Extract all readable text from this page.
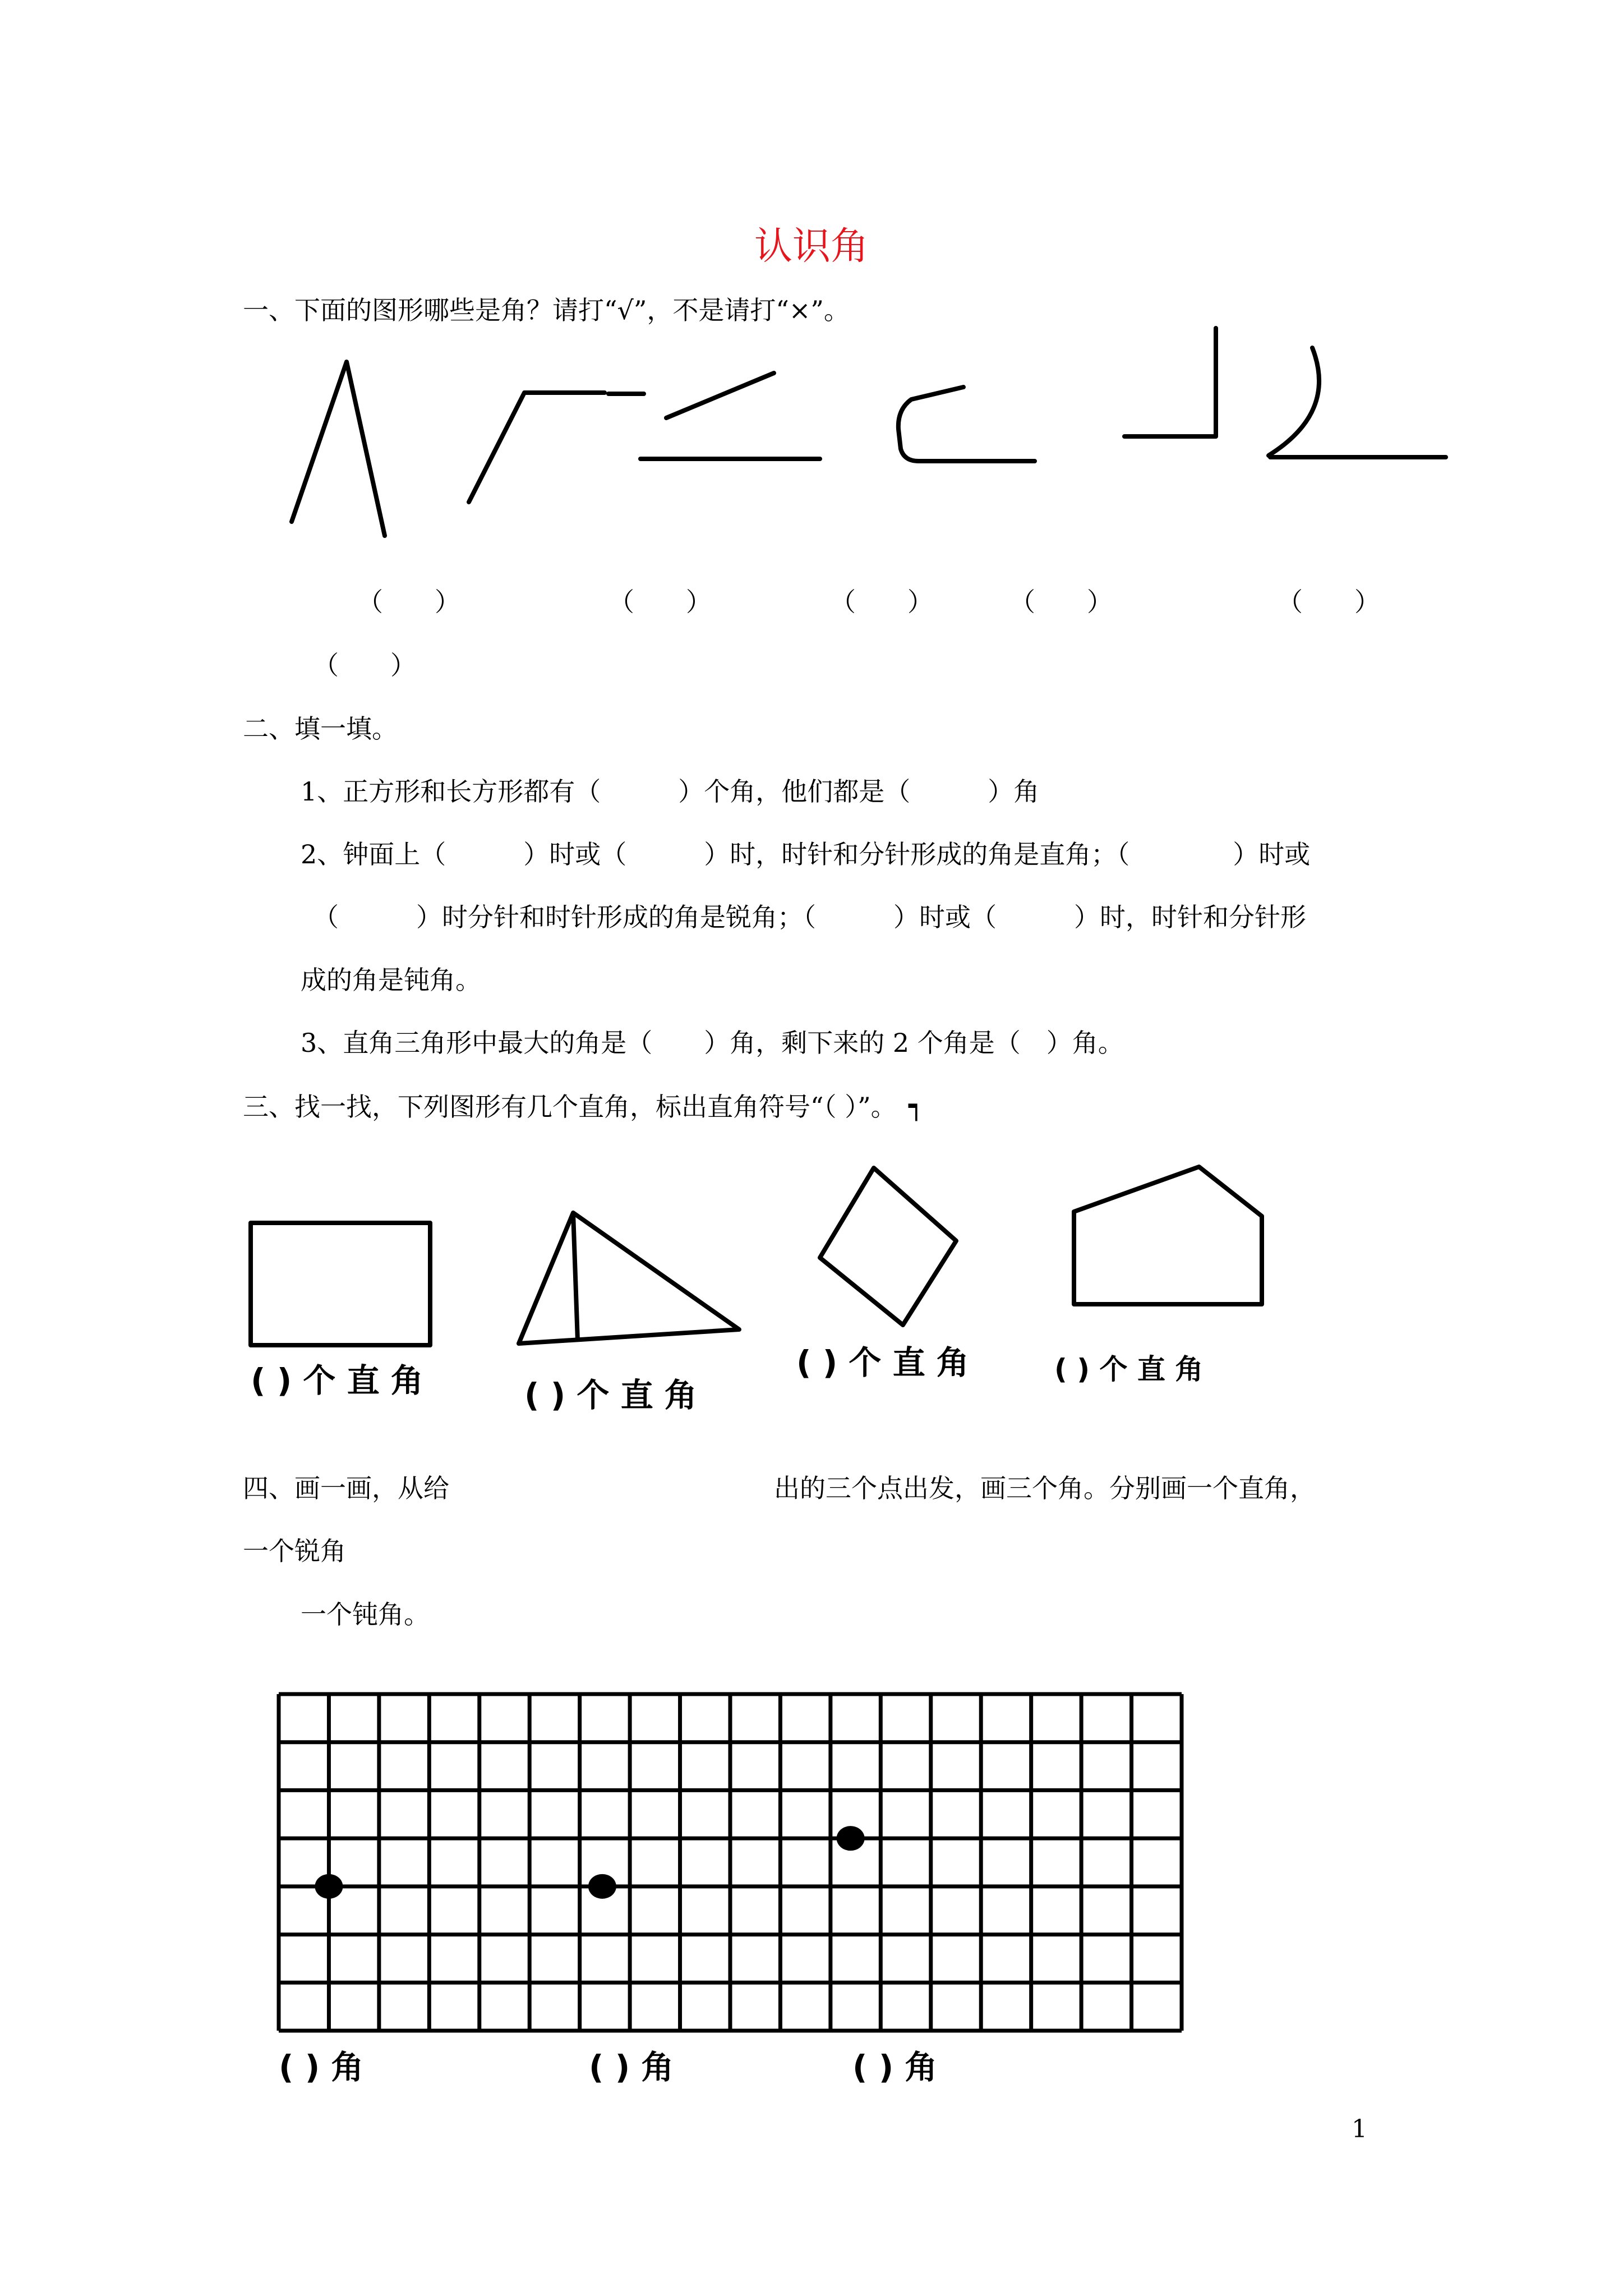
认识角
一、下面的图形哪些是角？请打“√”，不是请打“×”。
（　　）	（　　）	（　　）	（　　）	（　　）
（　　）
二、填一填。
1、正方形和长方形都有（　　　）个角，他们都是（　　　）角
2、钟面上（　　　）时或（　　　）时，时针和分针形成的角是直角；（　　　　）时或
（　　　）时分针和时针形成的角是锐角；（　　　）时或（　　　）时，时针和分针形
成的角是钝角。
3、直角三角形中最大的角是（　　）角，剩下来的 2 个角是（　）角。
三、找一找，下列图形有几个直角，标出直角符号“（ ）”。 ┑
( ) 个 直 角	( ) 个 直 角
( ) 个 直 角	( ) 个 直 角
四、画一画，从给	出的三个点出发，画三个角。分别画一个直角，
一个锐角
一个钝角。
( ) 角	( ) 角	( ) 角
1
